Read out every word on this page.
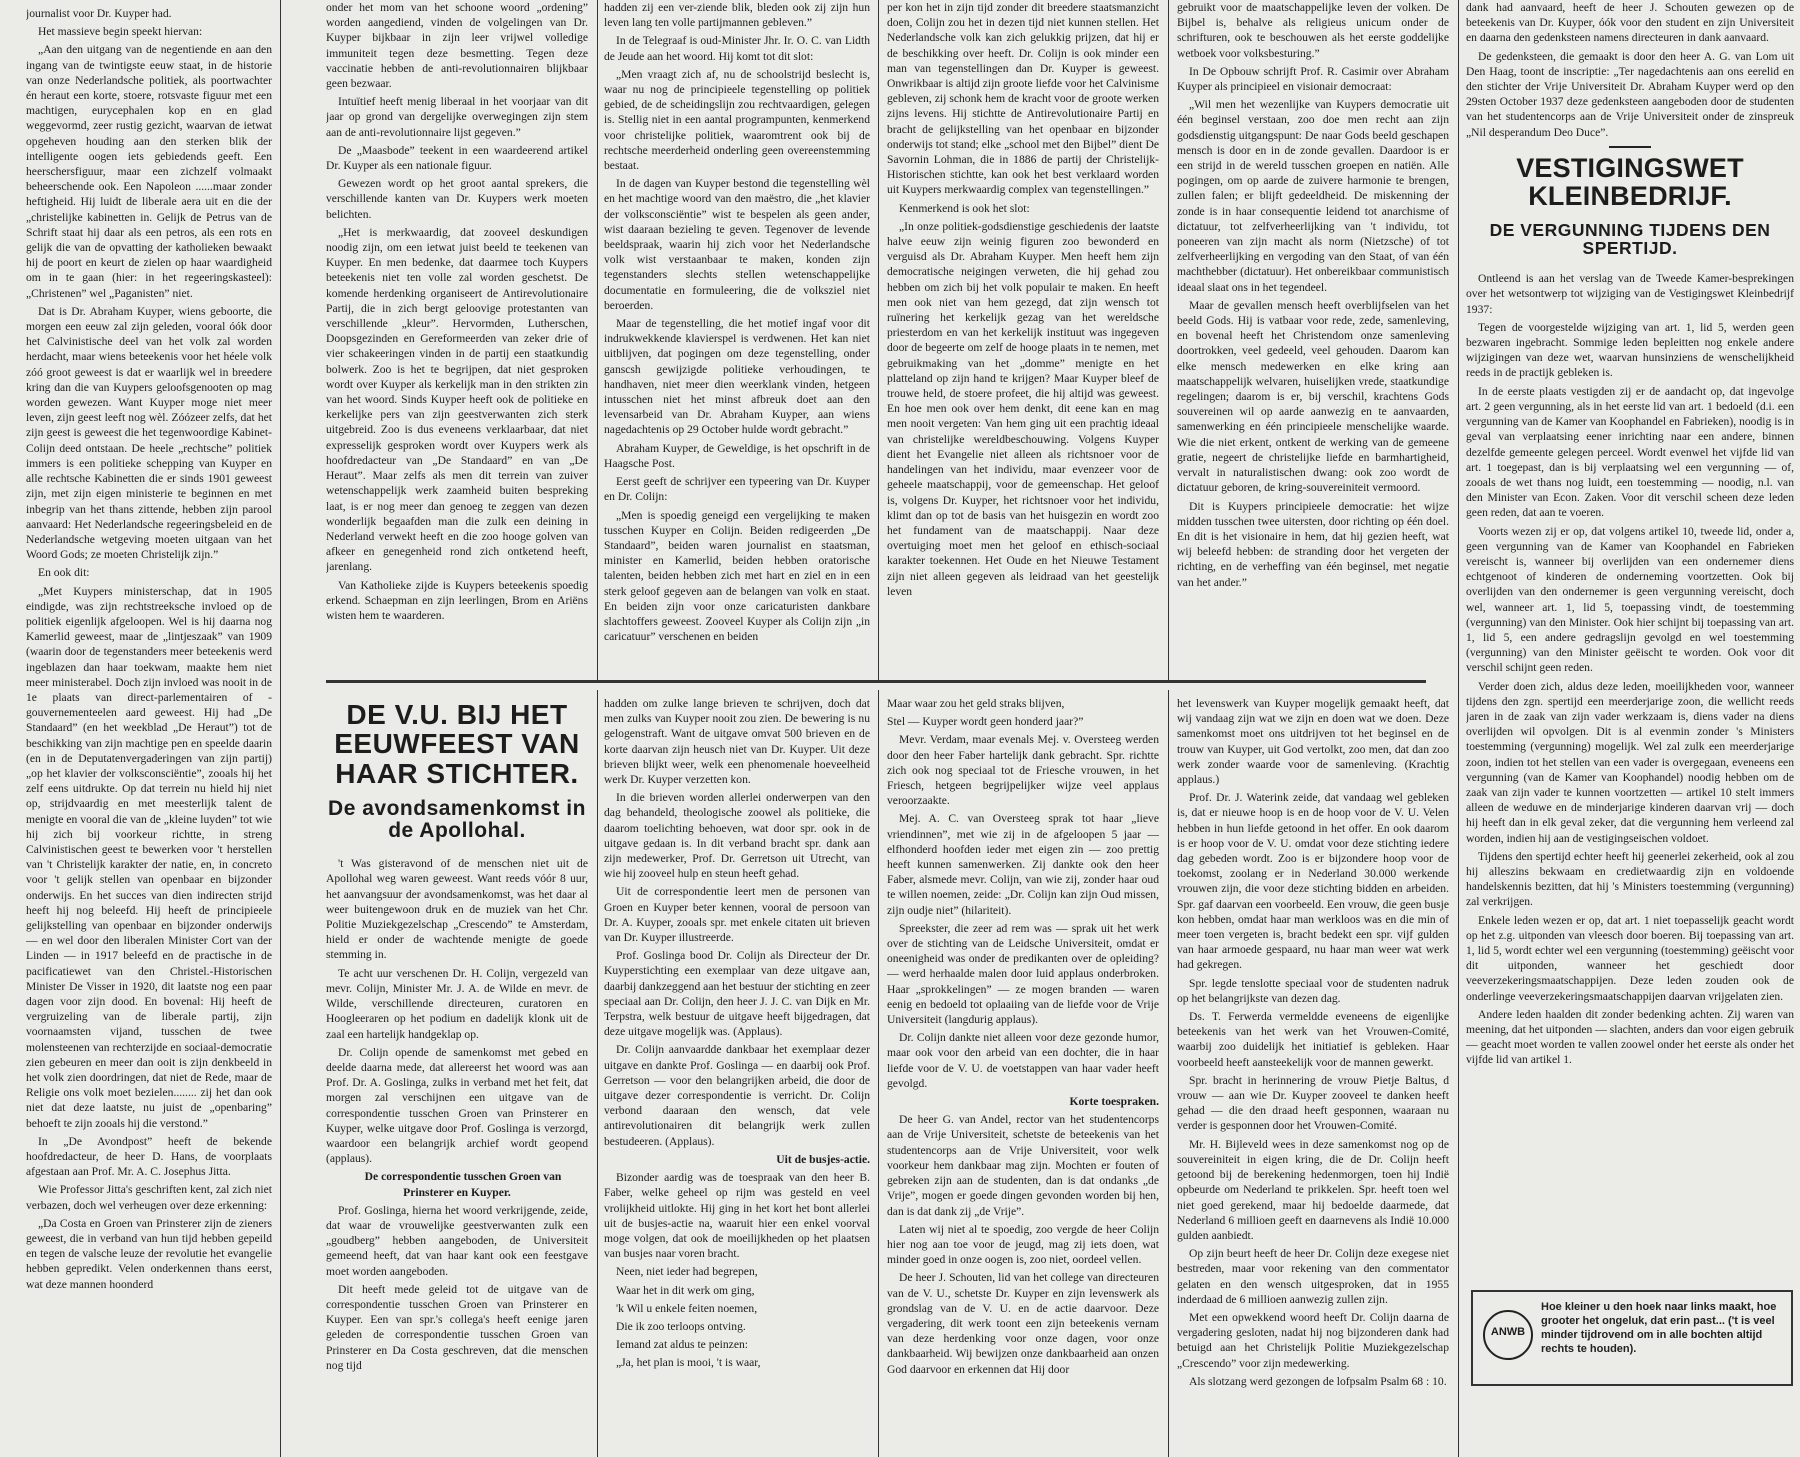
journalist voor Dr. Kuyper had.

Het massieve begin speekt hiervan:

„Aan den uitgang van de negentiende en aan den ingang van de twintigste eeuw staat, in de historie van onze Nederlandsche politiek, als poortwachter én heraut een korte, stoere, rotsvaste figuur met een machtigen, eurycephalen kop en en glad weggevormd, zeer rustig gezicht, waarvan de ietwat opgeheven houding aan den sterken blik der intelligente oogen iets gebiedends geeft. Een heerschersfiguur, maar een zichzelf volmaakt beheerschende ook. Een Napoleon ......maar zonder heftigheid. Hij luidt de liberale aera uit en die der „christelijke kabinetten in. Gelijk de Petrus van de Schrift staat hij daar als een petros, als een rots en gelijk die van de opvatting der katholieken bewaakt hij de poort en keurt de zielen op haar waardigheid om in te gaan (hier: in het regeeringskasteel): „Christenen” wel „Paganisten” niet.

Dat is Dr. Abraham Kuyper, wiens geboorte, die morgen een eeuw zal zijn geleden, vooral óók door het Calvinistische deel van het volk zal worden herdacht, maar wiens beteekenis voor het héele volk zóó groot geweest is dat er waarlijk wel in breedere kring dan die van Kuypers geloofsgenooten op mag worden gewezen. Want Kuyper moge niet meer leven, zijn geest leeft nog wèl. Zóózeer zelfs, dat het zijn geest is geweest die het tegenwoordige Kabinet-Colijn deed ontstaan. De heele „rechtsche” politiek immers is een politieke schepping van Kuyper en alle rechtsche Kabinetten die er sinds 1901 geweest zijn, met zijn eigen ministerie te beginnen en met inbegrip van het thans zittende, hebben zijn parool aanvaard: Het Nederlandsche regeeringsbeleid en de Nederlandsche wetgeving moeten uitgaan van het Woord Gods; ze moeten Christelijk zijn.”

En ook dit:

„Met Kuypers ministerschap, dat in 1905 eindigde, was zijn rechtstreeksche invloed op de politiek eigenlijk afgeloopen. Wel is hij daarna nog Kamerlid geweest, maar de „lintjeszaak” van 1909 (waarin door de tegenstanders meer beteekenis werd ingeblazen dan haar toekwam, maakte hem niet meer ministerabel. Doch zijn invloed was nooit in de 1e plaats van direct-parlementairen of -gouvernementeelen aard geweest. Hij had „De Standaard” (en het weekblad „De Heraut”) tot de beschikking van zijn machtige pen en speelde daarin (en in de Deputatenvergaderingen van zijn partij) „op het klavier der volksconsciëntie”, zooals hij het zelf eens uitdrukte. Op dat terrein nu hield hij niet op, strijdvaardig en met meesterlijk talent de menigte en vooral die van de „kleine luyden” tot wie hij zich bij voorkeur richtte, in streng Calvinistischen geest te bewerken voor 't herstellen van 't Christelijk karakter der natie, en, in concreto voor 't gelijk stellen van openbaar en bijzonder onderwijs. En het succes van dien indirecten strijd heeft hij nog beleefd. Hij heeft de principieele gelijkstelling van openbaar en bijzonder onderwijs — en wel door den liberalen Minister Cort van der Linden — in 1917 beleefd en de practische in de pacificatiewet van den Christel.-Historischen Minister De Visser in 1920, dit laatste nog een paar dagen voor zijn dood. En bovenal: Hij heeft de vergruizeling van de liberale partij, zijn voornaamsten vijand, tusschen de twee molensteenen van rechterzijde en sociaal-democratie zien gebeuren en meer dan ooit is zijn denkbeeld in het volk zien doordringen, dat niet de Rede, maar de Religie ons volk moet bezielen........ zij het dan ook niet dat deze laatste, nu juist de „openbaring” behoeft te zijn zooals hij die verstond.”

In „De Avondpost” heeft de bekende hoofdredacteur, de heer D. Hans, de voorplaats afgestaan aan Prof. Mr. A. C. Josephus Jitta.

Wie Professor Jitta's geschriften kent, zal zich niet verbazen, doch wel verheugen over deze erkenning:

„Da Costa en Groen van Prinsterer zijn de zieners geweest, die in verband van hun tijd hebben gepeild en tegen de valsche leuze der revolutie het evangelie hebben gepredikt. Velen onderkennen thans eerst, wat deze mannen hoonderd

onder het mom van het schoone woord „ordening” worden aangediend, vinden de volgelingen van Dr. Kuyper bijkbaar in zijn leer vrijwel volledige immuniteit tegen deze besmetting. Tegen deze vaccinatie hebben de anti-revolutionnairen blijkbaar geen bezwaar.

Intuïtief heeft menig liberaal in het voorjaar van dit jaar op grond van dergelijke overwegingen zijn stem aan de anti-revolutionnaire lijst gegeven.”

De „Maasbode” teekent in een waardeerend artikel Dr. Kuyper als een nationale figuur.

Gewezen wordt op het groot aantal sprekers, die verschillende kanten van Dr. Kuypers werk moeten belichten.

„Het is merkwaardig, dat zooveel deskundigen noodig zijn, om een ietwat juist beeld te teekenen van Kuyper. En men bedenke, dat daarmee toch Kuypers beteekenis niet ten volle zal worden geschetst. De komende herdenking organiseert de Antirevolutionaire Partij, die in zich bergt geloovige protestanten van verschillende „kleur”. Hervormden, Lutherschen, Doopsgezinden en Gereformeerden van zeker drie of vier schakeeringen vinden in de partij een staatkundig bolwerk. Zoo is het te begrijpen, dat niet gesproken wordt over Kuyper als kerkelijk man in den strikten zin van het woord. Sinds Kuyper heeft ook de politieke en kerkelijke pers van zijn geestverwanten zich sterk uitgebreid. Zoo is dus eveneens verklaarbaar, dat niet expresselijk gesproken wordt over Kuypers werk als hoofdredacteur van „De Standaard” en van „De Heraut”. Maar zelfs als men dit terrein van zuiver wetenschappelijk werk zaamheid buiten bespreking laat, is er nog meer dan genoeg te zeggen van dezen wonderlijk begaafden man die zulk een deining in Nederland verwekt heeft en die zoo hooge golven van afkeer en genegenheid rond zich ontketend heeft, jarenlang.

Van Katholieke zijde is Kuypers beteekenis spoedig erkend. Schaepman en zijn leerlingen, Brom en Ariëns wisten hem te waarderen.

hadden zij een ver-ziende blik, bleden ook zij zijn hun leven lang ten volle partijmannen gebleven.”

In de Telegraaf is oud-Minister Jhr. Ir. O. C. van Lidth de Jeude aan het woord. Hij komt tot dit slot:

„Men vraagt zich af, nu de schoolstrijd beslecht is, waar nu nog de principieele tegenstelling op politiek gebied, de de scheidingslijn zou rechtvaardigen, gelegen is. Stellig niet in een aantal programpunten, kenmerkend voor christelijke politiek, waaromtrent ook bij de rechtsche meerderheid onderling geen overeenstemming bestaat.

In de dagen van Kuyper bestond die tegenstelling wèl en het machtige woord van den maëstro, die „het klavier der volksconsciëntie” wist te bespelen als geen ander, wist daaraan bezieling te geven. Tegenover de levende beeldspraak, waarin hij zich voor het Nederlandsche volk wist verstaanbaar te maken, konden zijn tegenstanders slechts stellen wetenschappelijke documentatie en formuleering, die de volksziel niet beroerden.

Maar de tegenstelling, die het motief ingaf voor dit indrukwekkende klavierspel is verdwenen. Het kan niet uitblijven, dat pogingen om deze tegenstelling, onder ganscsh gewijzigde politieke verhoudingen, te handhaven, niet meer dien weerklank vinden, hetgeen intusschen niet het minst afbreuk doet aan den levensarbeid van Dr. Abraham Kuyper, aan wiens nagedachtenis op 29 October hulde wordt gebracht.”

Abraham Kuyper, de Geweldige, is het opschrift in de Haagsche Post.

Eerst geeft de schrijver een typeering van Dr. Kuyper en Dr. Colijn:

„Men is spoedig geneigd een vergelijking te maken tusschen Kuyper en Colijn. Beiden redigeerden „De Standaard”, beiden waren journalist en staatsman, minister en Kamerlid, beiden hebben oratorische talenten, beiden hebben zich met hart en ziel en in een sterk geloof gegeven aan de belangen van volk en staat. En beiden zijn voor onze caricaturisten dankbare slachtoffers geweest. Zooveel Kuyper als Colijn zijn „in caricatuur” verschenen en beiden

per kon het in zijn tijd zonder dit breedere staatsmanzicht doen, Colijn zou het in dezen tijd niet kunnen stellen. Het Nederlandsche volk kan zich gelukkig prijzen, dat hij er de beschikking over heeft. Dr. Colijn is ook minder een man van tegenstellingen dan Dr. Kuyper is geweest. Onwrikbaar is altijd zijn groote liefde voor het Calvinisme gebleven, zij schonk hem de kracht voor de groote werken zijns levens. Hij stichtte de Antirevolutionaire Partij en bracht de gelijkstelling van het openbaar en bijzonder onderwijs tot stand; elke „school met den Bijbel” dient De Savornin Lohman, die in 1886 de partij der Christelijk-Historischen stichtte, kan ook het best verklaard worden uit Kuypers merkwaardig complex van tegenstellingen.”

Kenmerkend is ook het slot:

„In onze politiek-godsdienstige geschiedenis der laatste halve eeuw zijn weinig figuren zoo bewonderd en verguisd als Dr. Abraham Kuyper. Men heeft hem zijn democratische neigingen verweten, die hij gehad zou hebben om zich bij het volk populair te maken. En heeft men ook niet van hem gezegd, dat zijn wensch tot ruïnering het kerkelijk gezag van het wereldsche priesterdom en van het kerkelijk instituut was ingegeven door de begeerte om zelf de hooge plaats in te nemen, met gebruikmaking van het „domme” menigte en het platteland op zijn hand te krijgen? Maar Kuyper bleef de trouwe held, de stoere profeet, die hij altijd was geweest. En hoe men ook over hem denkt, dit eene kan en mag men nooit vergeten: Van hem ging uit een prachtig ideaal van christelijke wereldbeschouwing. Volgens Kuyper dient het Evangelie niet alleen als richtsnoer voor de handelingen van het individu, maar evenzeer voor de geheele maatschappij, voor de gemeenschap. Het geloof is, volgens Dr. Kuyper, het richtsnoer voor het individu, klimt dan op tot de basis van het huisgezin en wordt zoo het fundament van de maatschappij. Naar deze overtuiging moet men het geloof en ethisch-sociaal karakter toekennen. Het Oude en het Nieuwe Testament zijn niet alleen gegeven als leidraad van het geestelijk leven

gebruikt voor de maatschappelijke leven der volken. De Bijbel is, behalve als religieus unicum onder de schrifturen, ook te beschouwen als het eerste goddelijke wetboek voor volksbesturing.”

In De Opbouw schrijft Prof. R. Casimir over Abraham Kuyper als principieel en visionair democraat:

„Wil men het wezenlijke van Kuypers democratie uit één beginsel verstaan, zoo doe men recht aan zijn godsdienstig uitgangspunt: De naar Gods beeld geschapen mensch is door en in de zonde gevallen. Daardoor is er een strijd in de wereld tusschen groepen en natiën. Alle pogingen, om op aarde de zuivere harmonie te brengen, zullen falen; er blijft gedeeldheid. De miskenning der zonde is in haar consequentie leidend tot anarchisme of dictatuur, tot zelfverheerlijking van 't individu, tot poneeren van zijn macht als norm (Nietzsche) of tot zelfverheerlijking en vergoding van den Staat, of van één machthebber (dictatuur). Het onbereikbaar communistisch ideaal slaat ons in het tegendeel.

Maar de gevallen mensch heeft overblijfselen van het beeld Gods. Hij is vatbaar voor rede, zede, samenleving, en bovenal heeft het Christendom onze samenleving doortrokken, veel gedeeld, veel gehouden. Daarom kan elke mensch medewerken en elke kring aan maatschappelijk welvaren, huiselijken vrede, staatkundige regelingen; daarom is er, bij verschil, krachtens Gods souvereinen wil op aarde aanwezig en te aanvaarden, samenwerking en één principieele menschelijke waarde. Wie die niet erkent, ontkent de werking van de gemeene gratie, negeert de christelijke liefde en barmhartigheid, vervalt in naturalistischen dwang: ook zoo wordt de dictatuur geboren, de kring-souvereiniteit vermoord.

Dit is Kuypers principieele democratie: het wijze midden tusschen twee uitersten, door richting op één doel. En dit is het visionaire in hem, dat hij gezien heeft, wat wij beleefd hebben: de stranding door het vergeten der richting, en de verheffing van één beginsel, met negatie van het ander.”

dank had aanvaard, heeft de heer J. Schouten gewezen op de beteekenis van Dr. Kuyper, óók voor den student en zijn Universiteit en daarna den gedenksteen namens directeuren in dank aanvaard.

De gedenksteen, die gemaakt is door den heer A. G. van Lom uit Den Haag, toont de inscriptie: „Ter nagedachtenis aan ons eerelid en den stichter der Vrije Universiteit Dr. Abraham Kuyper werd op den 29sten October 1937 deze gedenksteen aangeboden door de studenten van het studentencorps aan de Vrije Universiteit onder de zinspreuk „Nil desperandum Deo Duce”.

VESTIGINGSWET KLEINBEDRIJF.
DE VERGUNNING TIJDENS DEN SPERTIJD.

Ontleend is aan het verslag van de Tweede Kamer-besprekingen over het wetsontwerp tot wijziging van de Vestigingswet Kleinbedrijf 1937:

Tegen de voorgestelde wijziging van art. 1, lid 5, werden geen bezwaren ingebracht. Sommige leden bepleitten nog enkele andere wijzigingen van deze wet, waarvan hunsinziens de wenschelijkheid reeds in de practijk gebleken is.

In de eerste plaats vestigden zij er de aandacht op, dat ingevolge art. 2 geen vergunning, als in het eerste lid van art. 1 bedoeld (d.i. een vergunning van de Kamer van Koophandel en Fabrieken), noodig is in geval van verplaatsing eener inrichting naar een andere, binnen dezelfde gemeente gelegen perceel. Wordt evenwel het vijfde lid van art. 1 toegepast, dan is bij verplaatsing wel een vergunning — of, zooals de wet thans nog luidt, een toestemming — noodig, n.l. van den Minister van Econ. Zaken. Voor dit verschil scheen deze leden geen reden, dat aan te voeren.

Voorts wezen zij er op, dat volgens artikel 10, tweede lid, onder a, geen vergunning van de Kamer van Koophandel en Fabrieken vereischt is, wanneer bij overlijden van een ondernemer diens echtgenoot of kinderen de onderneming voortzetten. Ook bij overlijden van den ondernemer is geen vergunning vereischt, doch wel, wanneer art. 1, lid 5, toepassing vindt, de toestemming (vergunning) van den Minister. Ook hier schijnt bij toepassing van art. 1, lid 5, een andere gedragslijn gevolgd en wel toestemming (vergunning) van den Minister geëischt te worden. Ook voor dit verschil schijnt geen reden.

Verder doen zich, aldus deze leden, moeilijkheden voor, wanneer tijdens den zgn. spertijd een meerderjarige zoon, die wellicht reeds jaren in de zaak van zijn vader werkzaam is, diens vader na diens overlijden wil opvolgen. Dit is al evenmin zonder 's Ministers toestemming (vergunning) mogelijk. Wel zal zulk een meerderjarige zoon, indien tot het stellen van een vader is overgegaan, eveneens een vergunning (van de Kamer van Koophandel) noodig hebben om de zaak van zijn vader te kunnen voortzetten — artikel 10 stelt immers alleen de weduwe en de minderjarige kinderen daarvan vrij — doch hij heeft dan in elk geval zeker, dat die vergunning hem verleend zal worden, indien hij aan de vestigingseischen voldoet.

Tijdens den spertijd echter heeft hij geenerlei zekerheid, ook al zou hij alleszins bekwaam en credietwaardig zijn en voldoende handelskennis bezitten, dat hij 's Ministers toestemming (vergunning) zal verkrijgen.

Enkele leden wezen er op, dat art. 1 niet toepasselijk geacht wordt op het z.g. uitponden van vleesch door boeren. Bij toepassing van art. 1, lid 5, wordt echter wel een vergunning (toestemming) geëischt voor dit uitponden, wanneer het geschiedt door veeverzekeringsmaatschappijen. Deze leden zouden ook de onderlinge veeverzekeringsmaatschappijen daarvan vrijgelaten zien.

Andere leden haalden dit zonder bedenking achten. Zij waren van meening, dat het uitponden — slachten, anders dan voor eigen gebruik — geacht moet worden te vallen zoowel onder het eerste als onder het vijfde lid van artikel 1.

DE V.U. BIJ HET EEUWFEEST VAN HAAR STICHTER.
De avondsamenkomst in de Apollohal.

't Was gisteravond of de menschen niet uit de Apollohal weg waren geweest. Want reeds vóór 8 uur, het aanvangsuur der avondsamenkomst, was het daar al weer buitengewoon druk en de muziek van het Chr. Politie Muziekgezelschap „Crescendo” te Amsterdam, hield er onder de wachtende menigte de goede stemming in.

Te acht uur verschenen Dr. H. Colijn, vergezeld van mevr. Colijn, Minister Mr. J. A. de Wilde en mevr. de Wilde, verschillende directeuren, curatoren en Hoogleeraren op het podium en dadelijk klonk uit de zaal een hartelijk handgeklap op.

Dr. Colijn opende de samenkomst met gebed en deelde daarna mede, dat allereerst het woord was aan Prof. Dr. A. Goslinga, zulks in verband met het feit, dat morgen zal verschijnen een uitgave van de correspondentie tusschen Groen van Prinsterer en Kuyper, welke uitgave door Prof. Goslinga is verzorgd, waardoor een belangrijk archief wordt geopend (applaus).

De correspondentie tusschen Groen van Prinsterer en Kuyper.

Prof. Goslinga, hierna het woord verkrijgende, zeide, dat waar de vrouwelijke geestverwanten zulk een „goudberg” hebben aangeboden, de Universiteit gemeend heeft, dat van haar kant ook een feestgave moet worden aangeboden.

Dit heeft mede geleid tot de uitgave van de correspondentie tusschen Groen van Prinsterer en Kuyper. Een van spr.'s collega's heeft eenige jaren geleden de correspondentie tusschen Groen van Prinsterer en Da Costa geschreven, dat die menschen nog tijd

hadden om zulke lange brieven te schrijven, doch dat men zulks van Kuyper nooit zou zien. De bewering is nu gelogenstraft. Want de uitgave omvat 500 brieven en de korte daarvan zijn heusch niet van Dr. Kuyper. Uit deze brieven blijkt weer, welk een phenomenale hoeveelheid werk Dr. Kuyper verzetten kon.

In die brieven worden allerlei onderwerpen van den dag behandeld, theologische zoowel als politieke, die daarom toelichting behoeven, wat door spr. ook in de uitgave gedaan is. In dit verband bracht spr. dank aan zijn medewerker, Prof. Dr. Gerretson uit Utrecht, van wie hij zooveel hulp en steun heeft gehad.

Uit de correspondentie leert men de personen van Groen en Kuyper beter kennen, vooral de persoon van Dr. A. Kuyper, zooals spr. met enkele citaten uit brieven van Dr. Kuyper illustreerde.

Prof. Goslinga bood Dr. Colijn als Directeur der Dr. Kuyperstichting een exemplaar van deze uitgave aan, daarbij dankzeggend aan het bestuur der stichting en zeer speciaal aan Dr. Colijn, den heer J. J. C. van Dijk en Mr. Terpstra, welk bestuur de uitgave heeft bijgedragen, dat deze uitgave mogelijk was. (Applaus).

Dr. Colijn aanvaardde dankbaar het exemplaar dezer uitgave en dankte Prof. Goslinga — en daarbij ook Prof. Gerretson — voor den belangrijken arbeid, die door de uitgave dezer correspondentie is verricht. Dr. Colijn verbond daaraan den wensch, dat vele antirevolutionairen dit belangrijk werk zullen bestudeeren. (Applaus).

Uit de busjes-actie.

Bizonder aardig was de toespraak van den heer B. Faber, welke geheel op rijm was gesteld en veel vrolijkheid uitlokte. Hij ging in het kort het bont allerlei uit de busjes-actie na, waaruit hier een enkel voorval moge volgen, dat ook de moeilijkheden op het plaatsen van busjes naar voren bracht.

Neen, niet ieder had begrepen,

Waar het in dit werk om ging,

'k Wil u enkele feiten noemen,

Die ik zoo terloops ontving.

Iemand zat aldus te peinzen:

„Ja, het plan is mooi, 't is waar,

Maar waar zou het geld straks blijven,

Stel — Kuyper wordt geen honderd jaar?”

Mevr. Verdam, maar evenals Mej. v. Oversteeg werden door den heer Faber hartelijk dank gebracht. Spr. richtte zich ook nog speciaal tot de Friesche vrouwen, in het Friesch, hetgeen begrijpelijker wijze veel applaus veroorzaakte.

Mej. A. C. van Oversteeg sprak tot haar „lieve vriendinnen”, met wie zij in de afgeloopen 5 jaar — elfhonderd hoofden ieder met eigen zin — zoo prettig heeft kunnen samenwerken. Zij dankte ook den heer Faber, alsmede mevr. Colijn, van wie zij, zonder haar oud te willen noemen, zeide: „Dr. Colijn kan zijn Oud missen, zijn oudje niet” (hilariteit).

Spreekster, die zeer ad rem was — sprak uit het werk over de stichting van de Leidsche Universiteit, omdat er oneenigheid was onder de predikanten over de opleiding? — werd herhaalde malen door luid applaus onderbroken. Haar „sprokkelingen” — ze mogen branden — waren eenig en bedoeld tot oplaaiing van de liefde voor de Vrije Universiteit (langdurig applaus).

Dr. Colijn dankte niet alleen voor deze gezonde humor, maar ook voor den arbeid van een dochter, die in haar liefde voor de V. U. de voetstappen van haar vader heeft gevolgd.

Korte toespraken.

De heer G. van Andel, rector van het studentencorps aan de Vrije Universiteit, schetste de beteekenis van het studentencorps aan de Vrije Universiteit, voor welk voorkeur hem dankbaar mag zijn. Mochten er fouten of gebreken zijn aan de studenten, dan is dat ondanks „de Vrije”, mogen er goede dingen gevonden worden bij hen, dan is dat dank zij „de Vrije”.

Laten wij niet al te spoedig, zoo vergde de heer Colijn hier nog aan toe voor de jeugd, mag zij iets doen, wat minder goed in onze oogen is, zoo niet, oordeel vellen.

De heer J. Schouten, lid van het college van directeuren van de V. U., schetste Dr. Kuyper en zijn levenswerk als grondslag van de V. U. en de actie daarvoor. Deze vergadering, dit werk toont een zijn beteekenis vernam van deze herdenking voor onze dagen, voor onze dankbaarheid. Wij bewijzen onze dankbaarheid aan onzen God daarvoor en erkennen dat Hij door

het levenswerk van Kuyper mogelijk gemaakt heeft, dat wij vandaag zijn wat we zijn en doen wat we doen. Deze samenkomst moet ons uitdrijven tot het beginsel en de trouw van Kuyper, uit God vertolkt, zoo men, dat dan zoo werk zonder waarde voor de samenleving. (Krachtig applaus.)

Prof. Dr. J. Waterink zeide, dat vandaag wel gebleken is, dat er nieuwe hoop is en de hoop voor de V. U. Velen hebben in hun liefde getoond in het offer. En ook daarom is er hoop voor de V. U. omdat voor deze stichting iedere dag gebeden wordt. Zoo is er bijzondere hoop voor de toekomst, zoolang er in Nederland 30.000 werkende vrouwen zijn, die voor deze stichting bidden en arbeiden. Spr. gaf daarvan een voorbeeld. Een vrouw, die geen busje kon hebben, omdat haar man werkloos was en die min of meer toen vergeten is, bracht bedekt een spr. vijf gulden van haar armoede gespaard, nu haar man weer wat werk had gekregen.

Spr. legde tenslotte speciaal voor de studenten nadruk op het belangrijkste van dezen dag.

Ds. T. Ferwerda vermeldde eveneens de eigenlijke beteekenis van het werk van het Vrouwen-Comité, waarbij zoo duidelijk het initiatief is gebleken. Haar voorbeeld heeft aansteekelijk voor de mannen gewerkt.

Spr. bracht in herinnering de vrouw Pietje Baltus, d vrouw — aan wie Dr. Kuyper zooveel te danken heeft gehad — die den draad heeft gesponnen, waaraan nu verder is gesponnen door het Vrouwen-Comité.

Mr. H. Bijleveld wees in deze samenkomst nog op de souvereiniteit in eigen kring, die de Dr. Colijn heeft getoond bij de berekening hedenmorgen, toen hij Indië opbeurde om Nederland te prikkelen. Spr. heeft toen wel niet goed gerekend, maar hij bedoelde daarmede, dat Nederland 6 millioen geeft en daarnevens als Indië 10.000 gulden aanbiedt.

Op zijn beurt heeft de heer Dr. Colijn deze exegese niet bestreden, maar voor rekening van den commentator gelaten en den wensch uitgesproken, dat in 1955 inderdaad de 6 millioen aanwezig zullen zijn.

Met een opwekkend woord heeft Dr. Colijn daarna de vergadering gesloten, nadat hij nog bijzonderen dank had betuigd aan het Christelijk Politie Muziekgezelschap „Crescendo” voor zijn medewerking.

Als slotzang werd gezongen de lofpsalm Psalm 68 : 10.

ANWB
Hoe kleiner u den hoek naar links maakt, hoe grooter het ongeluk, dat erin past... ('t is veel minder tijdrovend om in alle bochten altijd rechts te houden).
